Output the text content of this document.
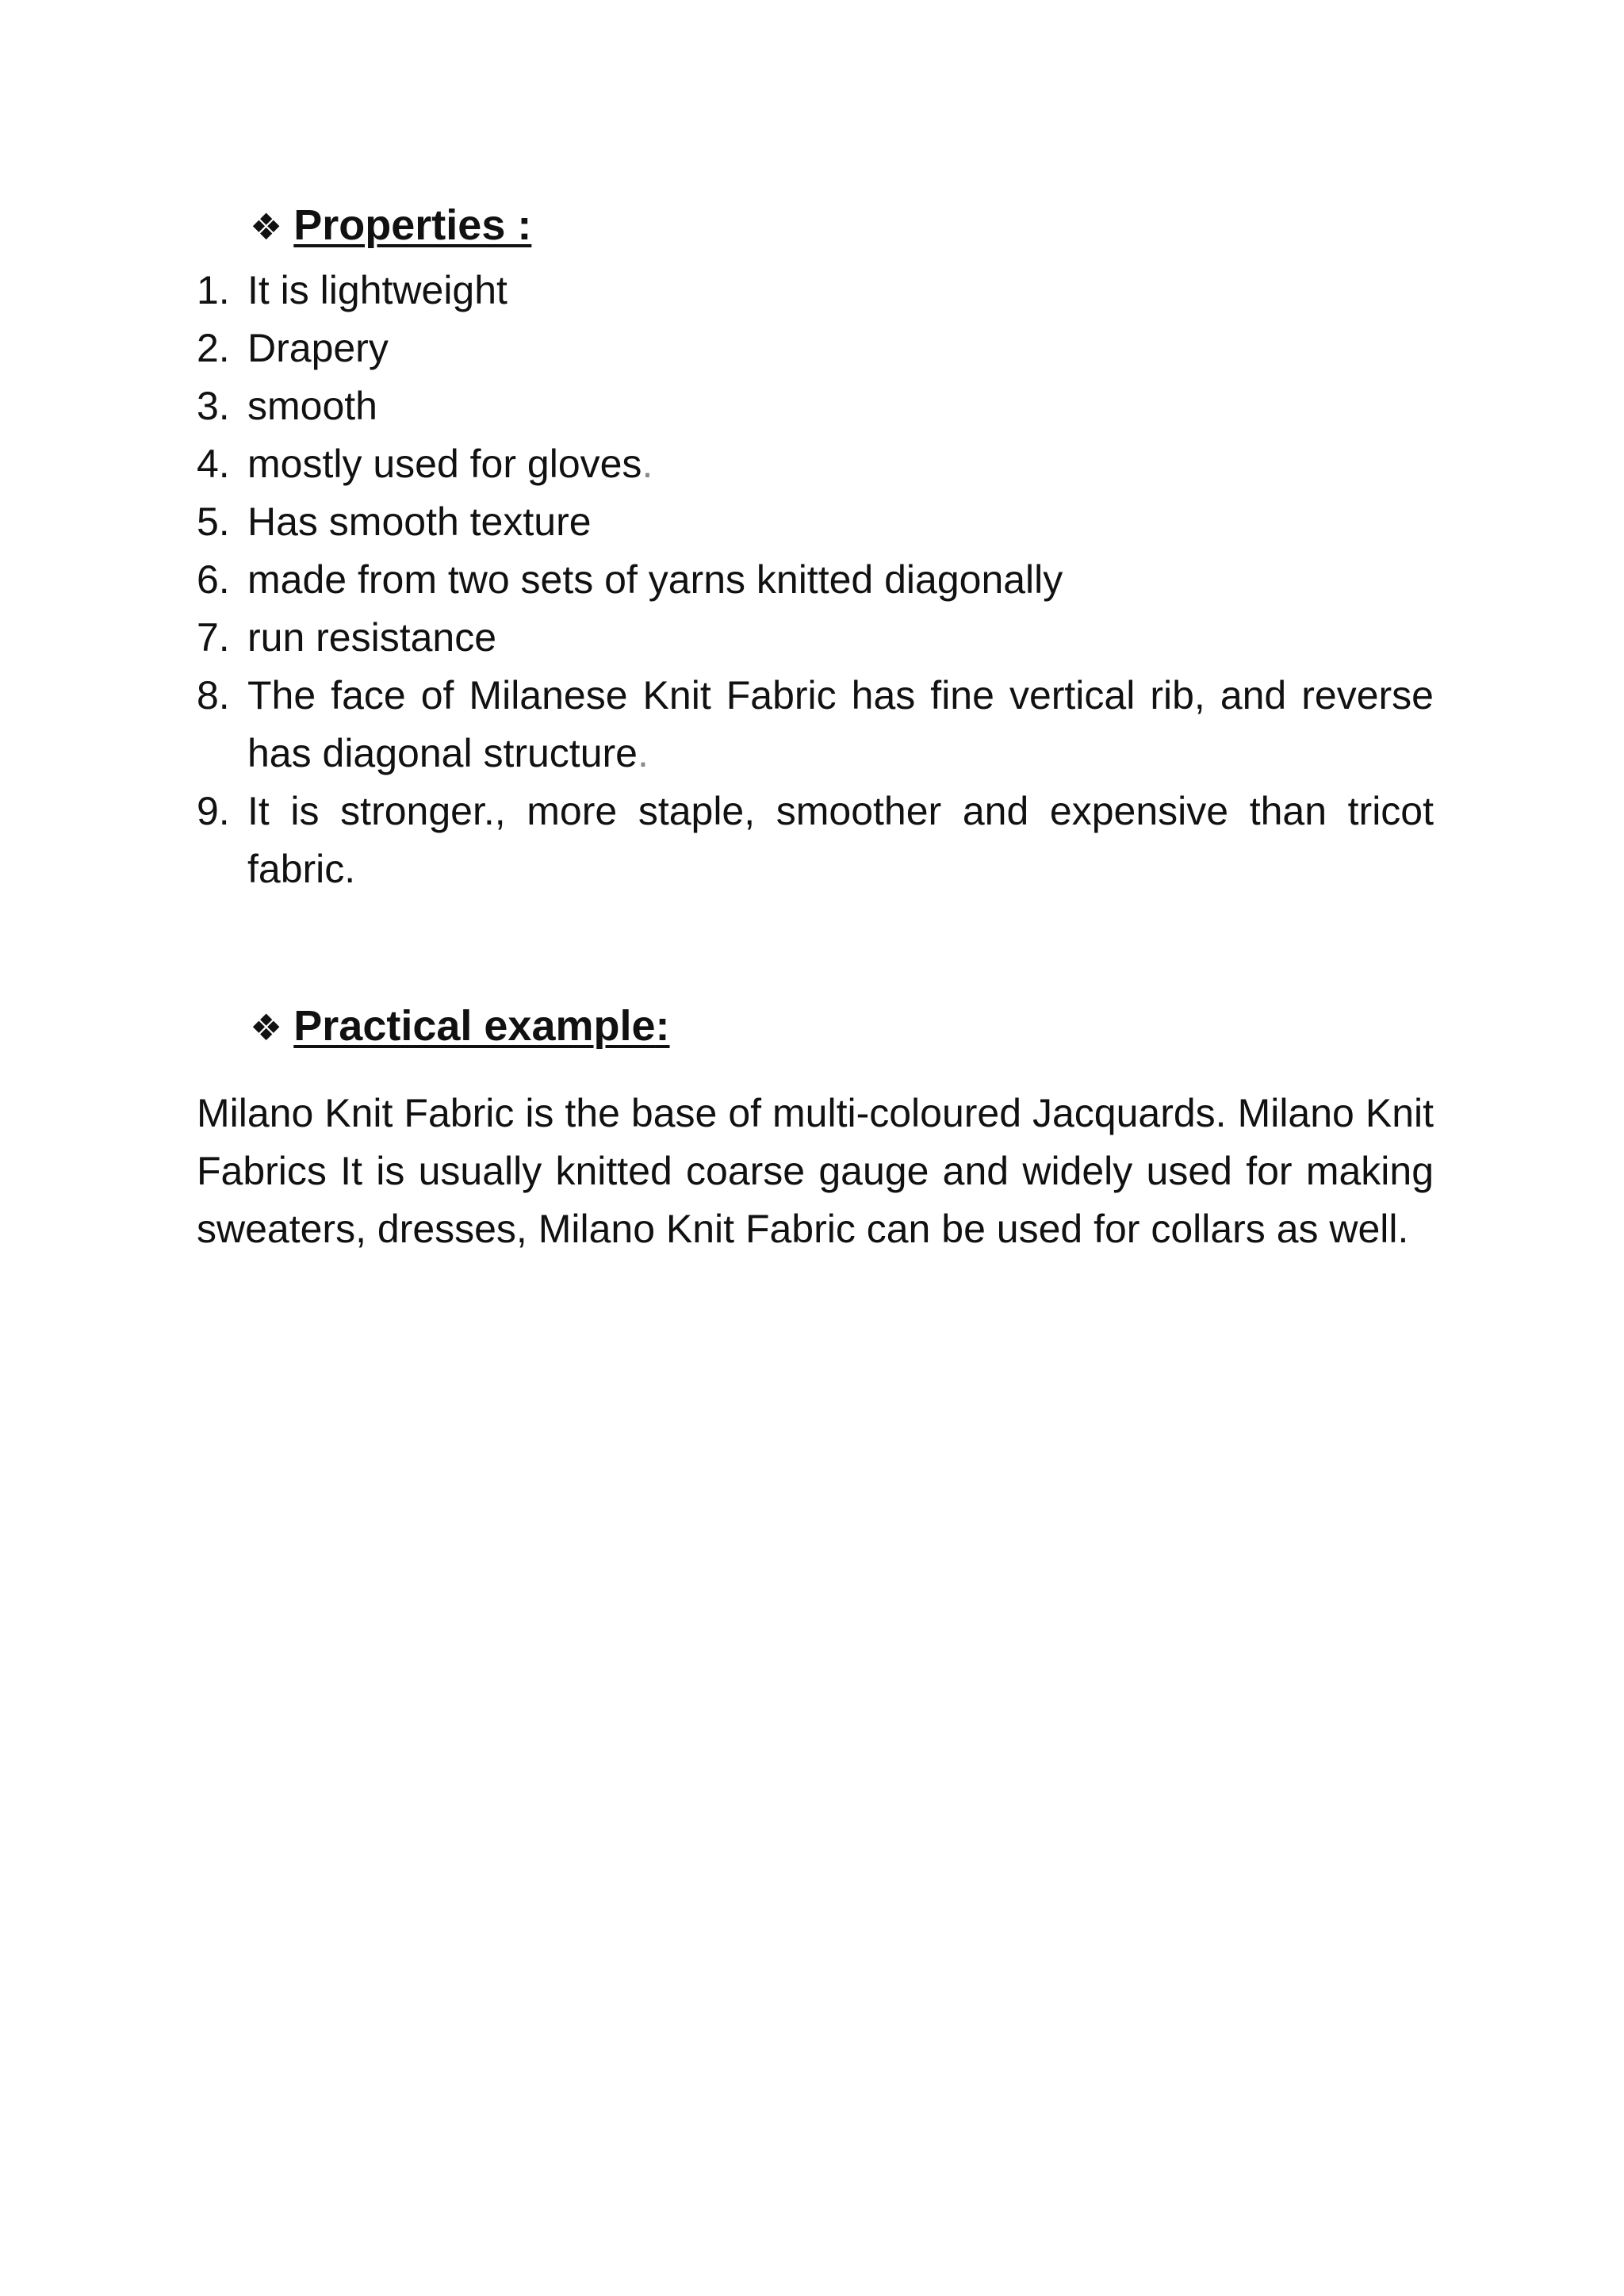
❖ Properties :
1. It is lightweight
2. Drapery
3. smooth
4. mostly used for gloves.
5. Has smooth texture
6. made from two sets of yarns knitted diagonally
7. run resistance
8. The face of Milanese Knit Fabric has fine vertical rib, and reverse has diagonal structure.
9. It is stronger., more staple, smoother and expensive than tricot fabric.
❖ Practical example:

Milano Knit Fabric is the base of multi-coloured Jacquards. Milano Knit Fabrics It is usually knitted coarse gauge and widely used for making sweaters, dresses, Milano Knit Fabric can be used for collars as well.
